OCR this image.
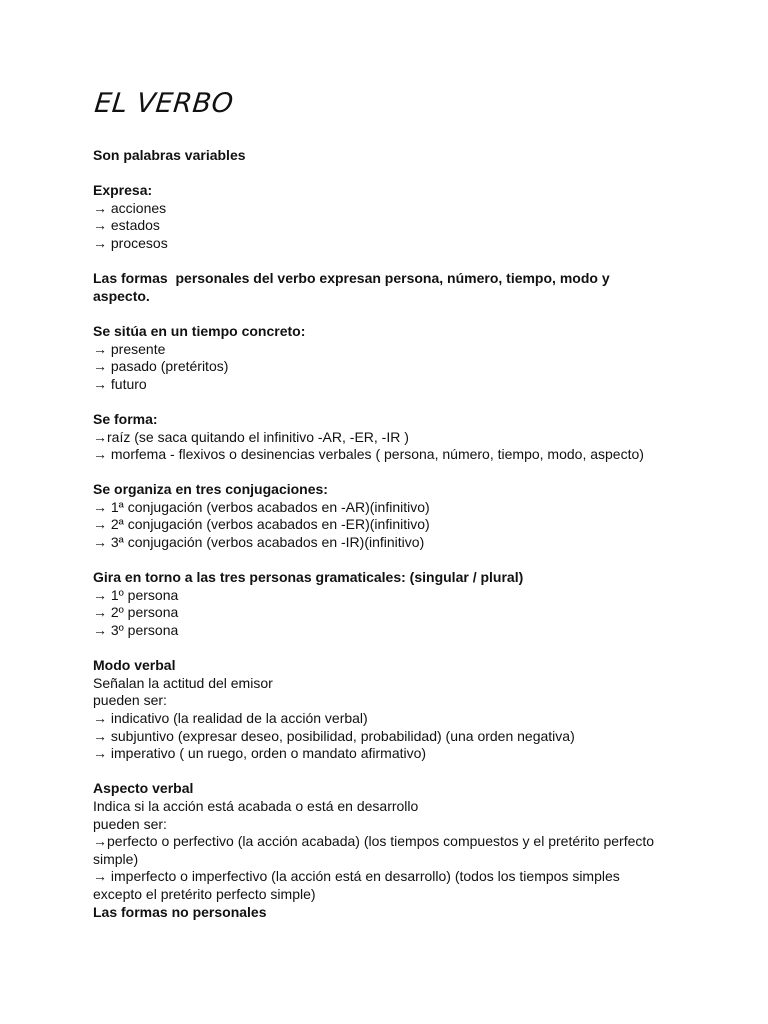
EL VERBO

Son palabras variables

Expresa:

→ acciones

→ estados

→ procesos

Las formas  personales del verbo expresan persona, número, tiempo, modo y

aspecto.

Se sitúa en un tiempo concreto:

→ presente

→ pasado (pretéritos)

→ futuro

Se forma:

→raíz (se saca quitando el infinitivo -AR, -ER, -IR )

→ morfema - flexivos o desinencias verbales ( persona, número, tiempo, modo, aspecto)

Se organiza en tres conjugaciones:

→ 1ª conjugación (verbos acabados en -AR)(infinitivo)

→ 2ª conjugación (verbos acabados en -ER)(infinitivo)

→ 3ª conjugación (verbos acabados en -IR)(infinitivo)

Gira en torno a las tres personas gramaticales: (singular / plural)

→ 1º persona

→ 2º persona

→ 3º persona

Modo verbal

Señalan la actitud del emisor

pueden ser:

→ indicativo (la realidad de la acción verbal)

→ subjuntivo (expresar deseo, posibilidad, probabilidad) (una orden negativa)

→ imperativo ( un ruego, orden o mandato afirmativo)

Aspecto verbal

Indica si la acción está acabada o está en desarrollo

pueden ser:

→perfecto o perfectivo (la acción acabada) (los tiempos compuestos y el pretérito perfecto

simple)

→ imperfecto o imperfectivo (la acción está en desarrollo) (todos los tiempos simples

excepto el pretérito perfecto simple)

Las formas no personales
